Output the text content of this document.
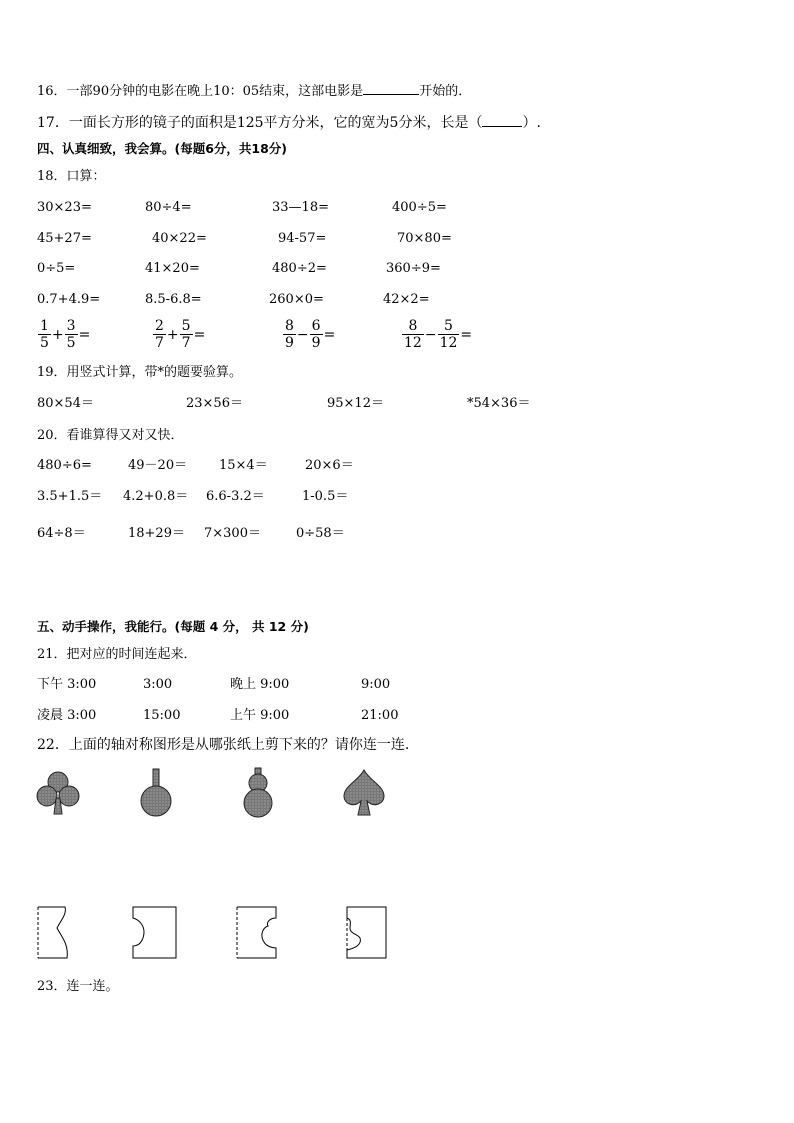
16．一部90分钟的电影在晚上10：05结束，这部电影是	开始的．
17．一面长方形的镜子的面积是125平方分米，它的宽为5分米，长是（	）.
四、认真细致，我会算。(每题6分，共18分)
18．口算：
30×23=	80÷4=	33—18=	400÷5=
45+27=	40×22=	94-57=	70×80=
0÷5=	41×20=	480÷2=	360÷9=
0.7+4.9=	8.5-6.8=	260×0=	42×2=
$\frac{1}{5} + \frac{3}{5}$ =	$\frac{2}{7} + \frac{5}{7}$ =	$\frac{8}{9} - \frac{6}{9}$ =	$\frac{8}{12} - \frac{5}{12}$ =
19．用竖式计算，带*的题要验算。
80×54＝	23×56＝	95×12＝	*54×36＝
20．看谁算得又对又快．
480÷6=	49－20＝ 15×4＝	20×6＝
3.5+1.5＝ 4.2+0.8＝ 6.6-3.2＝	1-0.5＝
64÷8＝	18+29＝ 7×300＝	0÷58＝
五、动手操作，我能行。(每题 4 分， 共 12 分)
21．把对应的时间连起来．
下午 3:00	3:00	晚上 9:00	9:00
凌晨 3:00	15:00	上午 9:00	21:00
22．上面的轴对称图形是从哪张纸上剪下来的？请你连一连.
23．连一连。
